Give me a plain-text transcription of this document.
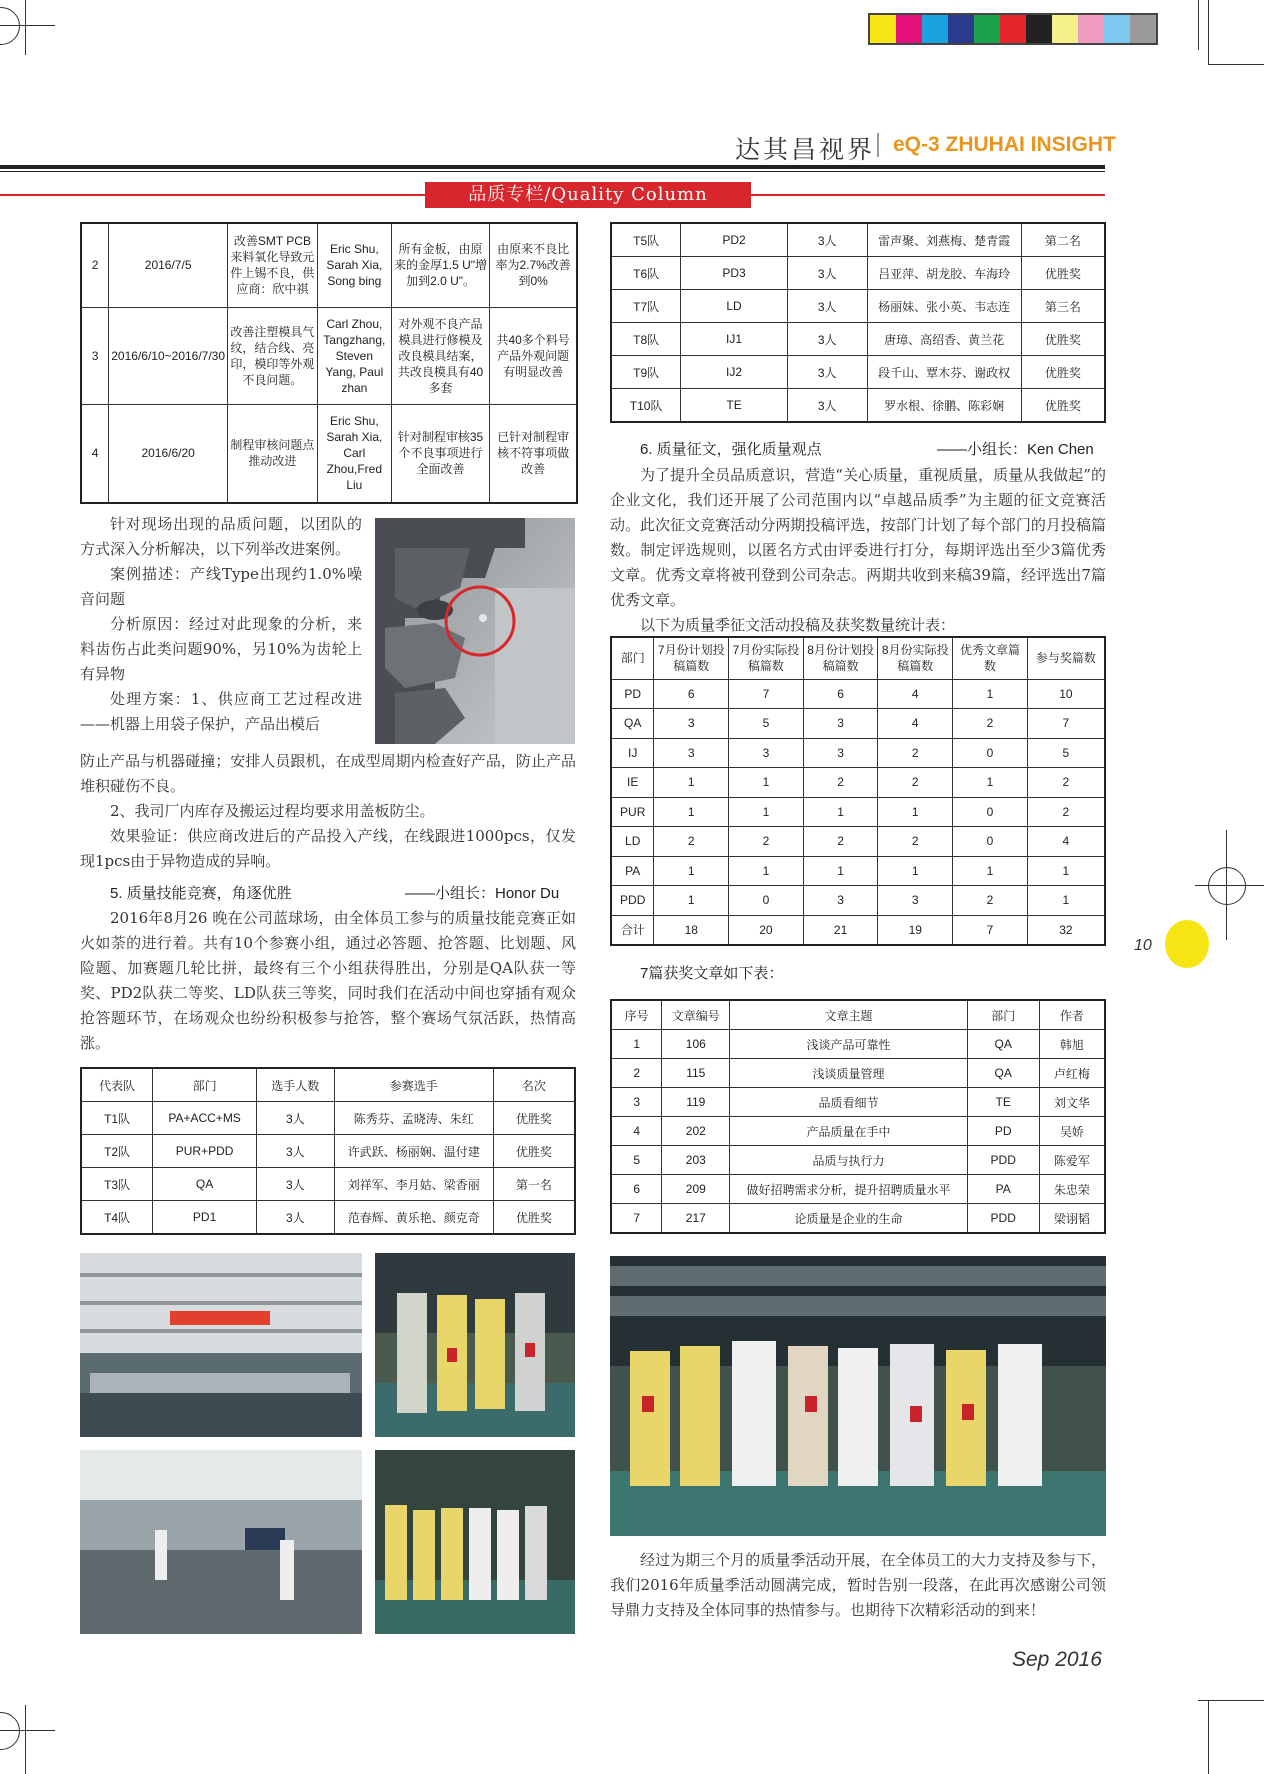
达其昌视界 eQ-3 ZHUHAI INSIGHT
品质专栏/Quality Column
2	2016/7/5	改善SMT PCB来料氧化导致元件上锡不良，供应商：欣中祺	Eric Shu, Sarah Xia, Song bing	所有金板，由原来的金厚1.5 U"增加到2.0 U"。	由原来不良比率为2.7%改善到0%
3	2016/6/10~2016/7/30	改善注塑模具气纹，结合线、亮印，模印等外观不良问题。	Carl Zhou, Tangzhang, Steven Yang, Paul zhan	对外观不良产品模具进行修模及改良模具结案，共改良模具有40多套	共40多个料号产品外观问题有明显改善
4	2016/6/20	制程审核问题点推动改进	Eric Shu, Sarah Xia, Carl Zhou,Fred Liu	针对制程审核35个不良事项进行全面改善	已针对制程审核不符事项做改善

针对现场出现的品质问题，以团队的方式深入分析解决，以下列举改进案例。

案例描述：产线Type出现约1.0%噪音问题

分析原因：经过对此现象的分析，来料齿伤占此类问题90%，另10%为齿轮上有异物

处理方案：1、供应商工艺过程改进——机器上用袋子保护，产品出模后

防止产品与机器碰撞；安排人员跟机，在成型周期内检查好产品，防止产品堆积碰伤不良。

2、我司厂内库存及搬运过程均要求用盖板防尘。

效果验证：供应商改进后的产品投入产线，在线跟进1000pcs，仅发现1pcs由于异物造成的异响。

5. 质量技能竞赛，角逐优胜	——小组长：Honor Du

2016年8月26 晚在公司蓝球场，由全体员工参与的质量技能竞赛正如火如荼的进行着。共有10个参赛小组，通过必答题、抢答题、比划题、风险题、加赛题几轮比拼，最终有三个小组获得胜出，分别是QA队获一等奖、PD2队获二等奖、LD队获三等奖，同时我们在活动中间也穿插有观众抢答题环节，在场观众也纷纷积极参与抢答，整个赛场气氛活跃，热情高涨。

代表队	部门	选手人数	参赛选手	名次
T1队	PA+ACC+MS	3人	陈秀芬、孟晓涛、朱红	优胜奖
T2队	PUR+PDD	3人	许武跃、杨丽娴、温付建	优胜奖
T3队	QA	3人	刘祥军、李月姑、梁香丽	第一名
T4队	PD1	3人	范春辉、黄乐艳、颜克奇	优胜奖
T5队	PD2	3人	雷声聚、刘燕梅、楚青霞	第二名
T6队	PD3	3人	吕亚萍、胡龙胶、车海玲	优胜奖
T7队	LD	3人	杨丽妹、张小英、韦志连	第三名
T8队	IJ1	3人	唐璋、高绍香、黄兰花	优胜奖
T9队	IJ2	3人	段千山、覃木芬、谢政权	优胜奖
T10队	TE	3人	罗水根、徐鹏、陈彩娴	优胜奖
6. 质量征文，强化质量观点	——小组长：Ken Chen

为了提升全员品质意识，营造“关心质量，重视质量，质量从我做起”的企业文化，我们还开展了公司范围内以“卓越品质季”为主题的征文竞赛活动。此次征文竞赛活动分两期投稿评选，按部门计划了每个部门的月投稿篇数。制定评选规则，以匿名方式由评委进行打分，每期评选出至少3篇优秀文章。优秀文章将被刊登到公司杂志。两期共收到来稿39篇，经评选出7篇优秀文章。

以下为质量季征文活动投稿及获奖数量统计表：

部门	7月份计划投稿篇数	7月份实际投稿篇数	8月份计划投稿篇数	8月份实际投稿篇数	优秀文章篇数	参与奖篇数
PD	6	7	6	4	1	10
QA	3	5	3	4	2	7
IJ	3	3	3	2	0	5
IE	1	1	2	2	1	2
PUR	1	1	1	1	0	2
LD	2	2	2	2	0	4
PA	1	1	1	1	1	1
PDD	1	0	3	3	2	1
合计	18	20	21	19	7	32
7篇获奖文章如下表：
序号	文章编号	文章主题	部门	作者
1	106	浅谈产品可靠性	QA	韩旭
2	115	浅谈质量管理	QA	卢红梅
3	119	品质看细节	TE	刘文华
4	202	产品质量在手中	PD	吴娇
5	203	品质与执行力	PDD	陈爱军
6	209	做好招聘需求分析，提升招聘质量水平	PA	朱忠荣
7	217	论质量是企业的生命	PDD	梁诩韬

经过为期三个月的质量季活动开展，在全体员工的大力支持及参与下，我们2016年质量季活动圆满完成，暂时告别一段落，在此再次感谢公司领导鼎力支持及全体同事的热情参与。也期待下次精彩活动的到来！

10
Sep 2016
